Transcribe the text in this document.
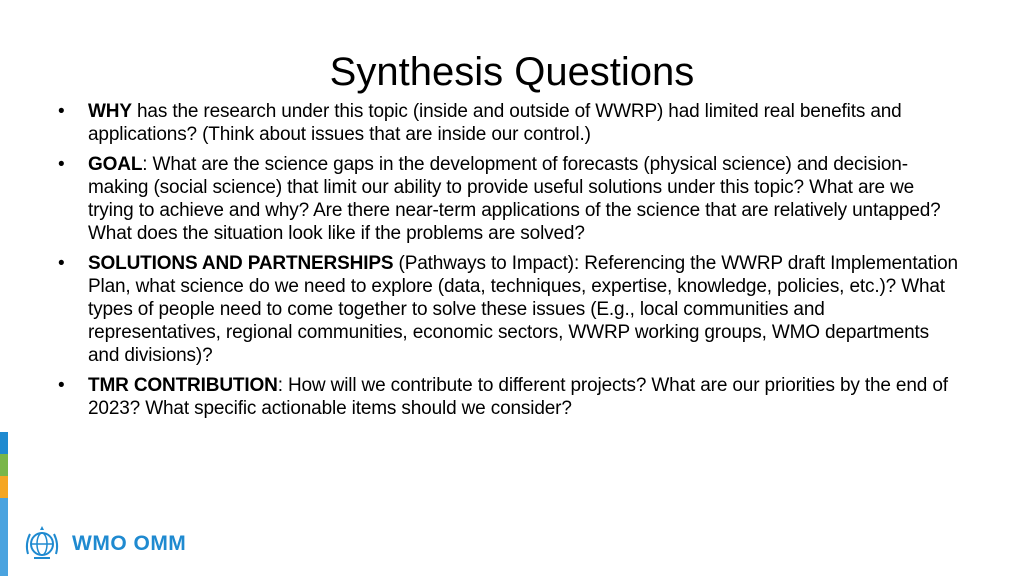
Synthesis Questions
• WHY has the research under this topic (inside and outside of WWRP) had limited real benefits and applications? (Think about issues that are inside our control.)
• GOAL: What are the science gaps in the development of forecasts (physical science) and decision-making (social science) that limit our ability to provide useful solutions under this topic? What are we trying to achieve and why? Are there near-term applications of the science that are relatively untapped? What does the situation look like if the problems are solved?
• SOLUTIONS AND PARTNERSHIPS (Pathways to Impact): Referencing the WWRP draft Implementation Plan, what science do we need to explore (data, techniques, expertise, knowledge, policies, etc.)? What types of people need to come together to solve these issues (E.g., local communities and representatives, regional communities, economic sectors, WWRP working groups, WMO departments and divisions)?
• TMR CONTRIBUTION: How will we contribute to different projects? What are our priorities by the end of 2023? What specific actionable items should we consider?
WMO OMM
